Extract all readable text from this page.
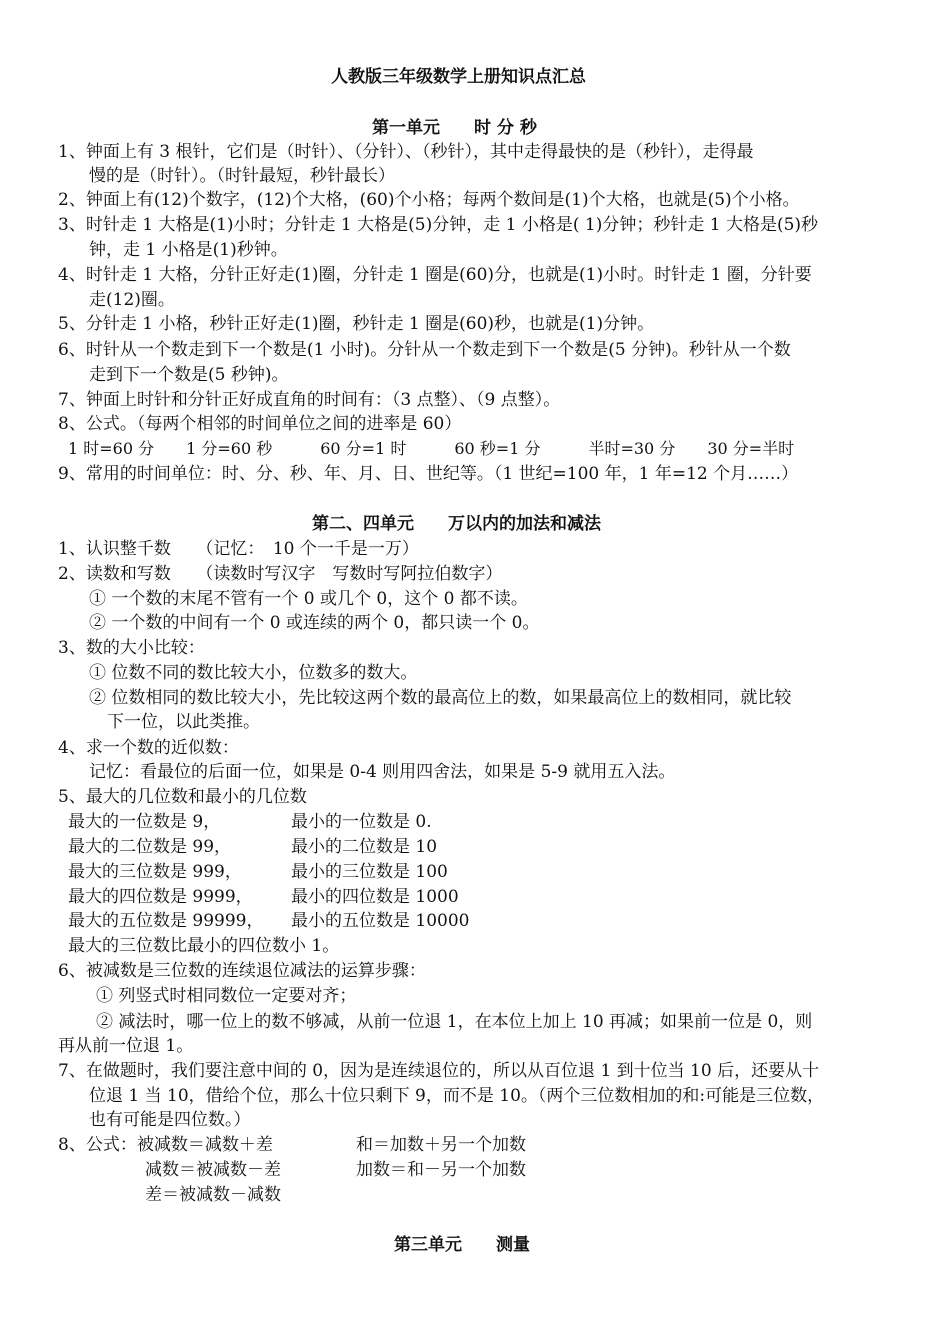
人教版三年级数学上册知识点汇总
第一单元　　时 分 秒
1、钟面上有 3 根针，它们是（时针）、（分针）、（秒针），其中走得最快的是（秒针），走得最
慢的是（时针）。（时针最短，秒针最长）
2、钟面上有(12)个数字，(12)个大格，(60)个小格；每两个数间是(1)个大格，也就是(5)个小格。
3、时针走 1 大格是(1)小时；分针走 1 大格是(5)分钟，走 1 小格是( 1)分钟；秒针走 1 大格是(5)秒
钟，走 1 小格是(1)秒钟。
4、时针走 1 大格，分针正好走(1)圈，分针走 1 圈是(60)分，也就是(1)小时。时针走 1 圈，分针要
走(12)圈。
5、分针走 1 小格，秒针正好走(1)圈，秒针走 1 圈是(60)秒，也就是(1)分钟。
6、时针从一个数走到下一个数是(1 小时)。分针从一个数走到下一个数是(5 分钟)。秒针从一个数
走到下一个数是(5 秒钟)。
7、钟面上时针和分针正好成直角的时间有：（3 点整）、（9 点整）。
8、公式。（每两个相邻的时间单位之间的进率是 60）
1 时=60 分　　1 分=60 秒　　　60 分=1 时　　　60 秒=1 分　　　半时=30 分　　30 分=半时
9、常用的时间单位：时、分、秒、年、月、日、世纪等。（1 世纪=100 年，1 年=12 个月……）
第二、四单元　　万以内的加法和减法
1、认识整千数　　（记忆：　10 个一千是一万）
2、读数和写数　　（读数时写汉字　写数时写阿拉伯数字）
① 一个数的末尾不管有一个 0 或几个 0，这个 0 都不读。
② 一个数的中间有一个 0 或连续的两个 0，都只读一个 0。
3、数的大小比较：
① 位数不同的数比较大小，位数多的数大。
② 位数相同的数比较大小，先比较这两个数的最高位上的数，如果最高位上的数相同，就比较
下一位，以此类推。
4、求一个数的近似数：
记忆：看最位的后面一位，如果是 0-4 则用四舍法，如果是 5-9 就用五入法。
5、最大的几位数和最小的几位数
最大的一位数是 9，	最小的一位数是 0.
最大的二位数是 99，	最小的二位数是 10
最大的三位数是 999，	最小的三位数是 100
最大的四位数是 9999， 最小的四位数是 1000
最大的五位数是 99999， 最小的五位数是 10000
最大的三位数比最小的四位数小 1。
6、被减数是三位数的连续退位减法的运算步骤：
① 列竖式时相同数位一定要对齐；
② 减法时，哪一位上的数不够减，从前一位退 1，在本位上加上 10 再减；如果前一位是 0，则
再从前一位退 1。
7、在做题时，我们要注意中间的 0，因为是连续退位的，所以从百位退 1 到十位当 10 后，还要从十
位退 1 当 10，借给个位，那么十位只剩下 9，而不是 10。（两个三位数相加的和:可能是三位数，
也有可能是四位数。）
8、公式：被减数＝减数＋差	和＝加数＋另一个加数
减数＝被减数－差	加数＝和－另一个加数
差＝被减数－减数
第三单元　　测量
